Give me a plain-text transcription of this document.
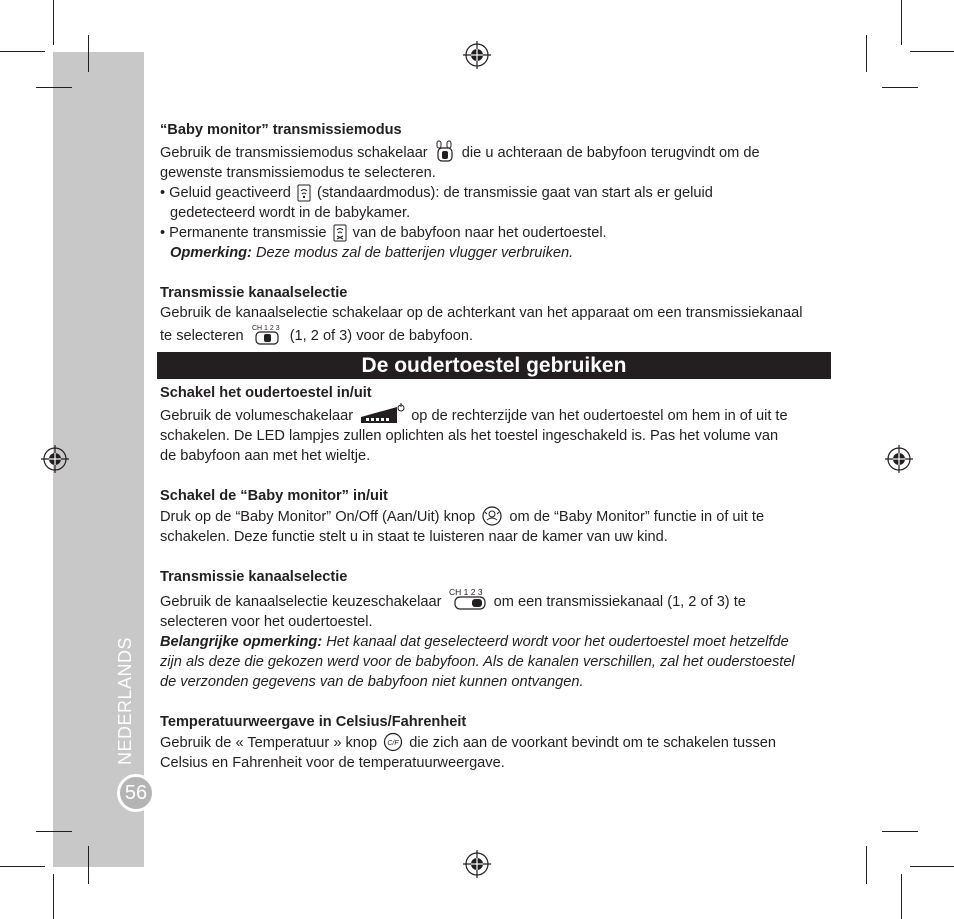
NEDERLANDS
56

“Baby monitor” transmissiemodus

Gebruik de transmissiemodus schakelaar die u achteraan de babyfoon terugvindt om de

gewenste transmissiemodus te selecteren.

• Geluid geactiveerd (standaardmodus): de transmissie gaat van start als er geluid

gedetecteerd wordt in de babykamer.

• Permanente transmissie van de babyfoon naar het oudertoestel.

Opmerking: Deze modus zal de batterijen vlugger verbruiken.

Transmissie kanaalselectie

Gebruik de kanaalselectie schakelaar op de achterkant van het apparaat om een transmissiekanaal

te selecteren CH 1 2 3 (1, 2 of 3) voor de babyfoon.

De oudertoestel gebruiken

Schakel het oudertoestel in/uit

Gebruik de volumeschakelaar	op de rechterzijde van het oudertoestel om hem in of uit te

schakelen. De LED lampjes zullen oplichten als het toestel ingeschakeld is. Pas het volume van

de babyfoon aan met het wieltje.

Schakel de “Baby monitor” in/uit

Druk op de “Baby Monitor” On/Off (Aan/Uit) knop om de “Baby Monitor” functie in of uit te

schakelen. Deze functie stelt u in staat te luisteren naar de kamer van uw kind.

Transmissie kanaalselectie

Gebruik de kanaalselectie keuzeschakelaar
CH 1 2 3
om een transmissiekanaal (1, 2 of 3) te

selecteren voor het oudertoestel.

Belangrijke opmerking: Het kanaal dat geselecteerd wordt voor het oudertoestel moet hetzelfde

zijn als deze die gekozen werd voor de babyfoon. Als de kanalen verschillen, zal het ouderstoestel

de verzonden gegevens van de babyfoon niet kunnen ontvangen.

Temperatuurweergave in Celsius/Fahrenheit

Gebruik de « Temperatuur » knop C/F die zich aan de voorkant bevindt om te schakelen tussen

Celsius en Fahrenheit voor de temperatuurweergave.
